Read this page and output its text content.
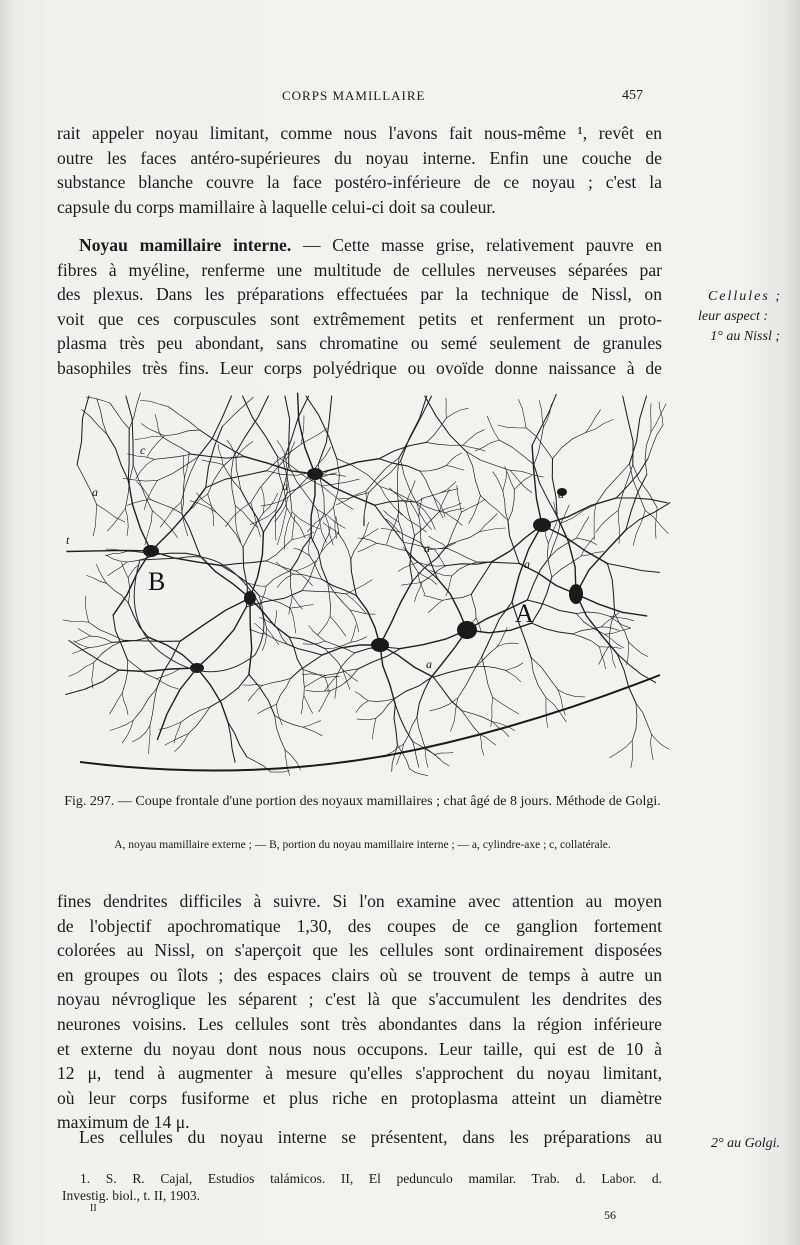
CORPS MAMILLAIRE	457
rait appeler noyau limitant, comme nous l'avons fait nous-même ¹, revêt en
outre les faces antéro-supérieures du noyau interne. Enfin une couche de
substance blanche couvre la face postéro-inférieure de ce noyau ; c'est la
capsule du corps mamillaire à laquelle celui-ci doit sa couleur.
Noyau mamillaire interne. — Cette masse grise, relativement pauvre en
fibres à myéline, renferme une multitude de cellules nerveuses séparées par
des plexus. Dans les préparations effectuées par la technique de Nissl, on
voit que ces corpuscules sont extrêmement petits et renferment un proto-
plasma très peu abondant, sans chromatine ou semé seulement de granules
basophiles très fins. Leur corps polyédrique ou ovoïde donne naissance à de
Cellules ;
leur aspect :
1° au Nissl ;
B
A
a	a
a
a
a
a
c
t
Fig. 297. — Coupe frontale d'une portion des noyaux mamillaires ; chat âgé de 8 jours. Méthode de Golgi.
A, noyau mamillaire externe ; — B, portion du noyau mamillaire interne ; — a, cylindre-axe ; c, collatérale.
fines dendrites difficiles à suivre. Si l'on examine avec attention au moyen
de l'objectif apochromatique 1,30, des coupes de ce ganglion fortement
colorées au Nissl, on s'aperçoit que les cellules sont ordinairement disposées
en groupes ou îlots ; des espaces clairs où se trouvent de temps à autre un
noyau névroglique les séparent ; c'est là que s'accumulent les dendrites des
neurones voisins. Les cellules sont très abondantes dans la région inférieure
et externe du noyau dont nous nous occupons. Leur taille, qui est de 10 à
12 μ, tend à augmenter à mesure qu'elles s'approchent du noyau limitant,
où leur corps fusiforme et plus riche en protoplasma atteint un diamètre
maximum de 14 μ.
Les cellules du noyau interne se présentent, dans les préparations au	2° au Golgi.
1. S. R. Cajal, Estudios talámicos. II, El pedunculo mamilar. Trab. d. Labor. d.
Investig. biol., t. II, 1903.
II	56
